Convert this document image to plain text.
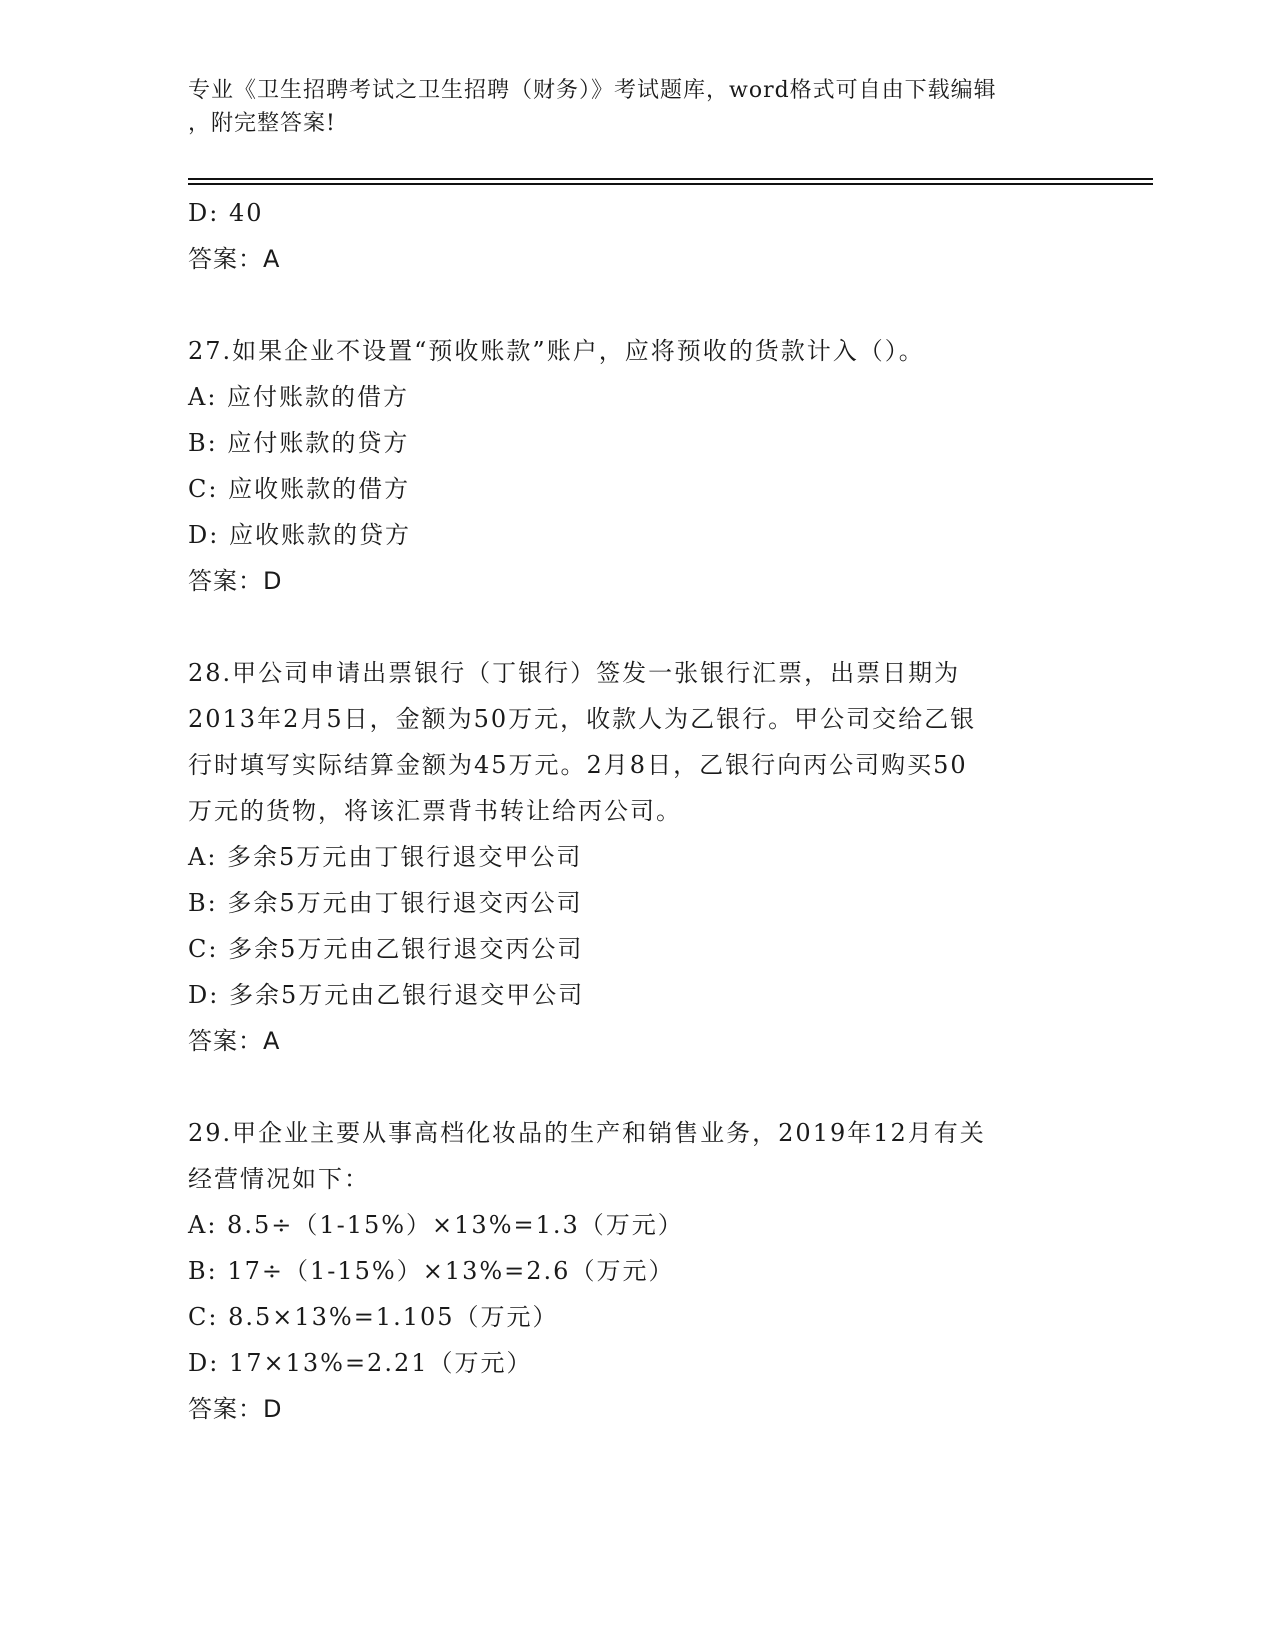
专业《卫生招聘考试之卫生招聘（财务）》考试题库，word格式可自由下载编辑
，附完整答案!
D: 40
答案：A
27.如果企业不设置“预收账款”账户，应将预收的货款计入（）。
A: 应付账款的借方
B: 应付账款的贷方
C: 应收账款的借方
D: 应收账款的贷方
答案：D
28.甲公司申请出票银行（丁银行）签发一张银行汇票，出票日期为
2013年2月5日，金额为50万元，收款人为乙银行。甲公司交给乙银
行时填写实际结算金额为45万元。2月8日，乙银行向丙公司购买50
万元的货物，将该汇票背书转让给丙公司。
A: 多余5万元由丁银行退交甲公司
B: 多余5万元由丁银行退交丙公司
C: 多余5万元由乙银行退交丙公司
D: 多余5万元由乙银行退交甲公司
答案：A
29.甲企业主要从事高档化妆品的生产和销售业务，2019年12月有关
经营情况如下：
A: 8.5÷（1-15%）×13%=1.3（万元）
B: 17÷（1-15%）×13%=2.6（万元）
C: 8.5×13%=1.105（万元）
D: 17×13%=2.21（万元）
答案：D
